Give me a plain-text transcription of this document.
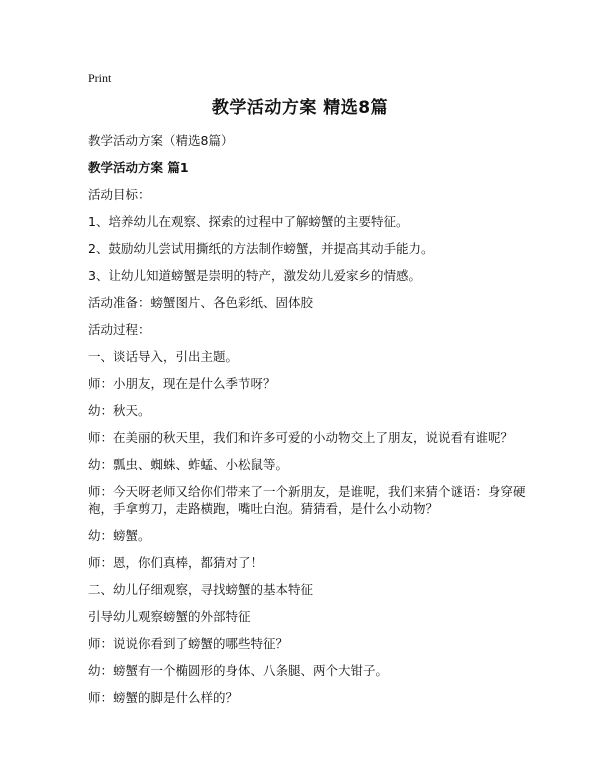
Print
教学活动方案 精选8篇

教学活动方案（精选8篇）

教学活动方案 篇1

活动目标：

1、培养幼儿在观察、探索的过程中了解螃蟹的主要特征。

2、鼓励幼儿尝试用撕纸的方法制作螃蟹，并提高其动手能力。

3、让幼儿知道螃蟹是崇明的特产，激发幼儿爱家乡的情感。

活动准备：螃蟹图片、各色彩纸、固体胶

活动过程：

一、谈话导入，引出主题。

师：小朋友，现在是什么季节呀？

幼：秋天。

师：在美丽的秋天里，我们和许多可爱的小动物交上了朋友，说说看有谁呢？

幼：瓢虫、蜘蛛、蚱蜢、小松鼠等。

师：今天呀老师又给你们带来了一个新朋友，是谁呢，我们来猜个谜语：身穿硬袍，手拿剪刀，走路横跑，嘴吐白泡。猜猜看，是什么小动物？

幼：螃蟹。

师：恩，你们真棒，都猜对了！

二、幼儿仔细观察，寻找螃蟹的基本特征

引导幼儿观察螃蟹的外部特征

师：说说你看到了螃蟹的哪些特征？

幼：螃蟹有一个椭圆形的身体、八条腿、两个大钳子。

师：螃蟹的脚是什么样的？
